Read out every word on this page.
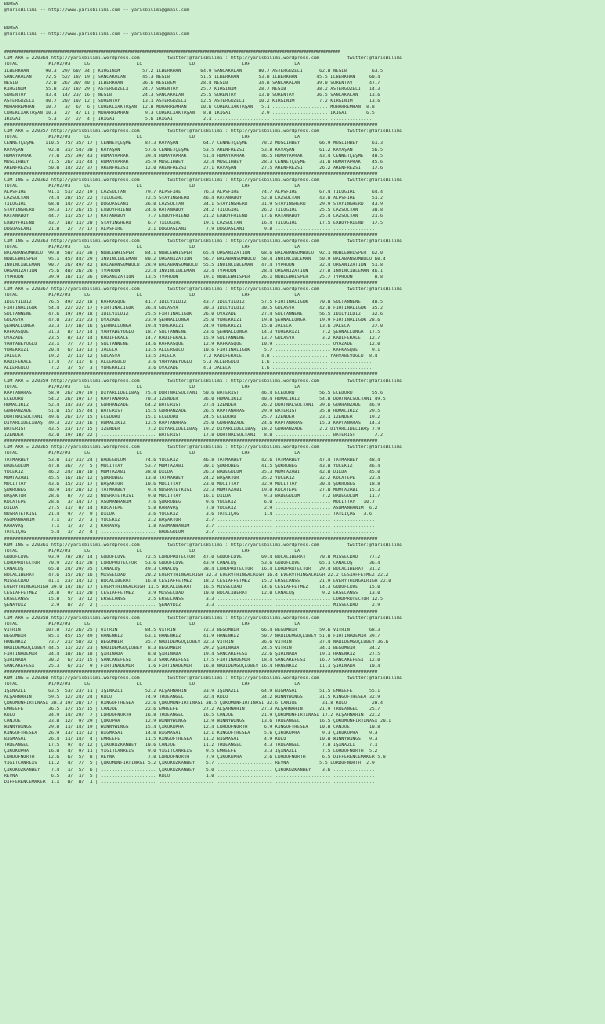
BURSA
@YarisBilimi -- http://www.yarisbilimi.com -- yarisbilimi@gmail.com
BURSA
@YarisBilimi -- http://www.yarisbilimi.com -- yarisbilimi@gmail.com
###########################################################################################################################################
CIM ARA = 220364 http://yarisbilimi.wordpress.com          twitter:@YarisBilimi : http://yarisbilimi.wordpress.com          twitter:@YarisBilimi
TOTAL           #1/#2/#3     LG                 LC                 LD                 LRF                LA
İLBERKHAN      90.3  29/ 60/ 34 | KIRGINIM        57.2 İLBERKHAN       64.9 SANCAKALAN      80.7 ASTERGÜZELİ      62.8 NESİB         63.5
SANCAKALAN     72.5  52/ 18/ 19 | SANCAKALAN      45.3 NESİB           51.5 İLBERKHAN       53.8 İLBERKHAN       45.5 İLBERKHAN     60.4
NESİB          72.0  26/ 30/ 40 | İLBERKHAN       36.6 NESİBEM         28.4 NESİB           34.8 SANCAKALAN      39.0 SURENTAY      47.7
KIRGINIM       55.8  23/ 18/ 29 | ASTERGÜZELİ     24.7 SURENTAY        25.7 KIRGINIM        28.7 NESİB           38.2 ASTERGÜZELİ   14.3
SURENTAY       43.4  14/ 23/ 16 | NESİB           24.3 SANCAKALAN      25.5 SURENTAY        13.0 SURENTAY        36.5 SANCAKALAN    13.6
ASTERGÜZELİ    40.7  20/ 10/ 12 | SURENTAY        13.1 ASTERGÜZELİ     12.5 ASTERGÜZELİ     10.2 KIRGINIM         7.2 KIRGINIM      13.6
MUHARREMHAN    10.7   3/  6/  6 | CÜREKLİAKTAŞAN  12.8 MUHARREMHAN     10.6 CÜREKLİAKTAŞAN   5.1 .................... MUHARREMHAN  8.8
CÜREKLİAKTAŞAN 10.3   2/  4/ 11 | MUHARREMHAN      9.3 CÜREKLİAKTAŞAN   8.0 IKIGAI           2.9 .................... IKIGAI       6.5
IKIGAI          5.3   2/  2/  4 | IKIGAI           5.6 IKIGAI           2.1 .................... .................... ...............
#######################################################################################################################################
CIM ARA = 220357 http://yarisbilimi.wordpress.com          twitter:@YarisBilimi : http://yarisbilimi.wordpress.com          twitter:@YarisBilimi
TOTAL           #1/#2/#3     LG                 LC                 LD                 LRF                LA
CENNETÇEŞME    110.5  75/ 35/ 17 | CENNETÇEŞME     87.3 KAYAŞAN         64.7 CENNETÇEŞME     78.2 MUSLİHBEY       66.9 MUSLİHBEY     61.3
KAYAŞAN         92.0  31/ 54/ 30 | KAYAŞAN         57.6 CENNETÇEŞME     53.5 AKENFREZSİ      53.8 KAYAŞAN         61.2 KAYAŞAN       56.5
HÜMAYAPRAK      77.0  25/ 39/ 43 | HÜMAYAPRAK      39.4 HÜMAYAPRAK      51.4 HÜMAYAPRAK      46.5 HÜMAYAPRAK      43.4 CENNETÇEŞME   48.5
MUSLİHBEY       71.5  26/ 21/ 44 | HÜMAYAPRAK      35.9 MUSLİHBEY       32.4 MUSLİHBEY       28.3 CENNETÇEŞME     31.0 HÜMAYAPRAK    45.6
AKENFREZSİ      50.0  14/ 22/ 37 | AKENFREZSİ      12.0 AKENFREZSİ      27.1 KAYAŞAN         27.5 AKENFREZSİ      26.2 AKENFREZSİ    17.6
#######################################################################################################################################
CIM ING = 220362 http://yarisbilimi.wordpress.com          twitter:@YarisBilimi : http://yarisbilimi.wordpress.com          twitter:@YarisBilimi
TOTAL           #1/#2/#3     LG                 LC                 LD                 LRF                LA
ALPSFIRE        91.1  51/ 22/ 19 | LAZSULTAN       79.7 ALPSFIRE        76.3 ALPSFIRE        74.7 ALPSFIRE        67.4 TILOGIRL      64.4
LAZSULTAN       74.4  28/ 15/ 22 | TILOGIRL        72.5 STAYINGHERO     46.4 KATANABOY       52.8 LAZSULTAN       43.0 ALPSFIRE      51.2
TILOGIRL        68.0  14/ 27/ 27 | DOĞUASLANI      36.0 LAZSULTAN       34.1 STAYINGHERO     31.9 STAYINGHERO     29.9 STAYINGHERO   43.9
STAYINGHERO     59.3  17/ 26/ 15 | EXBOYFRIEND     24.6 KATANABOY       24.2 TILOGIRL        26.2 TILOGIRL        25.5 LAZSULTAN     30.8
KATANABOY       44.7  11/ 25/ 17 | KATANABOY        7.7 EXBOYFRIEND     21.2 EXBOYFRIEND     17.6 KATANABOY       25.4 LAZSULTAN     21.6
EXBOYFRIEND     43.7  10/ 11/ 20 | STAYINGHERO      6.7 TILOGIRL        19.1 LAZSULTAN       16.4 TILOGIRL        17.5 EXBOYFRIEND   17.5
DOĞUASLANI      21.8   2/  7/ 17 | ALPSFIRE         2.1 DOĞUASLANI       7.9 DOĞUASLANI       9.8 .................... ...............
#######################################################################################################################################
CIM ING = 220363 http://yarisbilimi.wordpress.com          twitter:@YarisBilimi : http://yarisbilimi.wordpress.com          twitter:@YarisBilimi
TOTAL           #1/#2/#3     LG                 LC                 LD                 LRF                LA
BALABANSÜMBÜLÜ  99.8  50/ 31/ 38 | NOBLEWHISPER    84.1 NOBLEWHISPER    65.4 ORGANIZATION    68.6 BALABANSÜMBÜLÜ  92.1 NOBLEWHISPER  62.0
NOBLEWHISPER    95.1  45/ 44/ 29 | İNVINCIBLEMAN   80.2 ORGANIZATION    56.7 BALABANSÜMBÜLÜ  58.4 İNVINCIBLEMAN   50.9 BALABANSÜMBÜLÜ 60.4
İNVINCIBLEMAN   90.7  26/ 49/ 42 | BALABANSÜMBÜLÜ  28.9 BALABANSÜMBÜLÜ  55.5 İNVINCIBLEMAN   47.4 TYPHOON         32.4 ORGANIZATION  51.8
ORGANIZATION    75.6  40/ 26/ 26 | TYPHOON         22.4 İNVINCIBLEMAN   32.4 TYPHOON         28.4 ORGANIZATION    27.8 İNVINCIBLEMAN 46.1
TYPHOON         39.9  10/ 11/ 36 | ORGANIZATION    13.5 TYPHOON         19.1 NOBLEWHISPER    26.1 NOBLEWHISPER    25.7 TYPHOON        8.8
#######################################################################################################################################
CIM ARA = 220367 http://yarisbilimi.wordpress.com          twitter:@YarisBilimi : http://yarisbilimi.wordpress.com          twitter:@YarisBilimi
TOTAL           #1/#2/#3     LG                 LC                 LD                 LRF                LA
İDILYILDIZ      76.5  49/ 22/ 18 | KAFKASQUE       41.7 İDILYILDIZ      43.7 İDILYILDIZ      57.5 FIRTINALIGÖK    70.0 SULTANNENE    48.5
FIRTINALIGÖK    54.4  22/ 22/ 17 | FIRTINALIGÖK    36.4 GÜLASYA         30.3 İDILYILDIZ      30.5 GÜLASYA         42.0 FIRTINALIGÖK  35.2
SULTANNENE      47.6  19/ 19/ 18 | İDILYILDIZ      25.5 FIRTINALIGÖK    26.0 OYAZADE         27.4 SULTANNENE      56.5 İDILYILDIZ    32.6
GÜLASYA         47.0  23/ 21/ 23 | OYAZADE         23.9 ŞEHNALLONGA     25.0 YÜREKRIZI       19.8 ŞEHNALLONGA     19.9 FIRTINALIGÖK 28.6
ŞEHNALLONGA     33.3  17/ 10/ 16 | ŞEHNALLONGA     19.4 YÜREKRIZI       24.9 YÜREKRIZI       15.0 JALELA          13.6 JALELA        27.0
KAFKASQUE       31.3   8/ 17/ 14 | YAHYABEYOĞLU    18.7 SULTANNENE      23.6 ŞEHNALLONGA     14.3 YÜREKRIZI        7.2 ŞEHNALLONGA  17.5
OYAZADE         23.5   8/ 13/ 14 | KADIFEKALE      14.7 KADIFEKALE      15.9 SULTANNENE      13.7 GÜLASYA          3.2 KADIFEKALE   12.7
YAHYABEYOĞLU    23.1   7/  7/ 17 | SULTANNENE      14.6 KAFKASQUE       12.9 KAFKASQUE       10.9 .................... OYAZADE      12.0
YÜREKRIZI       20.4   6/ 13/ 13 | JALELA          13.5 ALLERGÜLÜ       10.6 FIRTINALIGÖK     5.7 .................... KAFKASQUE     9.1
JALELA          19.2   2/ 11/ 12 | GÜLASYA         13.5 JALELA          7.2 KADIFEKALE       4.8 .................... YAHYABEYOĞLU  8.4
KADIFEKALE      17.4   7/ 11/  6 | ALLERGÜLÜ        3.6 YAHYABEYOĞLU    5.3 ALLERGÜLÜ        1.6 .................... ...............
ALLERGÜLÜ        7.2   3/  5/  3 | YÜREKRIZI        3.6 OYAZADE         4.3 JALELA           1.6 .................... ...............
#######################################################################################################################################
CIM ARA = 220359 http://yarisbilimi.wordpress.com          twitter:@YarisBilimi : http://yarisbilimi.wordpress.com          twitter:@YarisBilimi
TOTAL           #1/#2/#3     LG                 LC                 LD                 LRF                LA
KAPTANARAS      58.9  26/ 29/ 19 | DİYARLIDELİBAŞ  75.4 DÖRTNALSULTANI  50.6 BATERİST        46.4 ECEDURU         56.5 ECEDURU       55.6
ECEDURU         54.2  26/ 19/ 17 | KAPTANARAS      70.3 İZENDER         36.0 HÜMALİKIZ       40.4 HÜMALİKIZ       54.8 DÖRTNALSULTANI 49.5
HÜMALİKIZ       52.4  14/ 33/ 23 | GÜRHANZADE      64.2 BATERİST        27.4 İZENDER         26.2 DÖRTNALSULTANI  39.6 GÜRHANZADE   46.9
GÜRHANZADE      51.0  15/ 15/ 44 | BATERİST        15.5 GÜRHANZADE      26.5 KAPTANARAS      29.9 BATERİST        35.8 HÜMALİKIZ    29.5
DÖRTNALSULTANI  49.6  26/ 17/ 15 | ECEDURU         15.1 ECEDURU         24.5 ECEDURU         25.7 İZENDER         23.1 İZENDER      19.2
DİYARLIDELİBAŞ  49.3  22/ 23/ 16 | HÜMALİKIZ       12.5 KAPTANARAS      25.0 GÜRHANZADE      24.6 KAPTANARAS      15.3 KAPTANARAS   14.3
BATERİST        43.5  23/ 17/ 15 | İZENDER          7.2 DİYARLIDELİBAŞ  19.2 DİYARLIDELİBAŞ  18.2 GÜRHANZADE      2.2 DİYARLIDELİBAŞ 7.9
İZENDER         42.0  19/ 18/ 22 | .................... BATERİST        17.8 DÖRTNALSULTANI   8.0 .................... BATERİST       7.2
#######################################################################################################################################
CIM ARA = 220365 http://yarisbilimi.wordpress.com          twitter:@YarisBilimi : http://yarisbilimi.wordpress.com          twitter:@YarisBilimi
TOTAL           #1/#2/#3     LG                 LC                 LD                 LRF                LA
TATMARBEY       53.0  11/ 31/ 24 | BADEGÜLÜM       74.6 YÜCEKIZ         46.8 TATMARBEY       42.6 TATMARBEY       47.4 TATMARBEY    48.4
BADEGÜLÜM       47.8  36/  7/  5 | MUCİTTAY        53.7 MÜMTAZABİ       30.1 ŞÜKRÜBEG        41.5 ŞÜKRÜBEG        43.0 YÜCEKIZ      46.4
YÜCEKIZ         46.2  24/ 10/ 10 | MÜMTAZABİ       38.0 DILDA           26.3 BADEGÜLÜM       35.3 MÜMTAZABİ       42.0 DILDA        45.0
MÜMTAZABİ       45.5  16/ 16/ 12 | ŞÜKRÜBEG        13.0 TATMARBEY       24.2 BAŞAKTÖR        35.2 YÜCEKIZ         32.2 KOCATEPE     22.4
MUCİTTAY        43.6  15/ 21/ 17 | BAŞAKTÖR        10.6 MUCİTTAY        23.0 MUCİTTAY        32.9 MUCİTTAY        30.4 ŞÜKRÜBEG     18.8
ŞÜKRÜBEG        40.9  14/ 20/ 12 | TATMARBEY        9.4 NUSRATETKİSI    22.3 MÜMTAZABİ       19.0 KOCATEPE        27.0 MÜMTAZABİ    15.3
BAŞAKTÖR        28.6   8/  7/ 22 | NUSRATETKİSI     9.0 MUCİTTAY        16.1 DILDA            9.3 BADEGÜLÜM        7.2 BADEGÜLÜM    11.7
KOCATEPE        28.6   3/ 14/ 17 | ASUMANHANIM      7.6 ŞÜKRÜBEG         9.6 YÜCEKIZ          6.0 .................... MUCİTTAY   10.7
DILDA           27.5  11/  8/ 14 | KOCATEPE         5.8 KARAVAŞ          7.8 YÜCEKIZ          2.9 .................... ASUMANHANIM  6.2
NUSRATETKİSI    21.4   9/  7/  9 | DILDA            3.6 YÜCEKIZ          3.6 TATLIÇAĞ         1.4 .................... TATLIÇAĞ   3.6
ASUMANHANIM      7.1   3/  2/  3 | YÜCEKIZ          2.2 BAŞAKTÖR         2.7 .................... .................... ...............
KARAVAŞ          7.1   1/  3/  2 | KARAVAŞ          1.8 ASUMANHANIM      2.7 .................... .................... ...............
TATLIÇAĞ         5.4   1/  2/  4 | .................... BADEGÜLÜM        2.7 .................... .................... ...............
#######################################################################################################################################
KUM ING = 220361 http://yarisbilimi.wordpress.com          twitter:@YarisBilimi : http://yarisbilimi.wordpress.com          twitter:@YarisBilimi
TOTAL           #1/#2/#3     LG                 LC                 LD                 LRF                LA
GODOFLOVE       93.9  78/ 28/ 14 | GODOFLOVE       72.5 LORDPROTECTOR   47.0 GODOFLOVE       69.4 BOCALİBERAT     70.8 MISSECDAD    77.2
LORDPROTECTOR   70.9  22/ 41/ 28 | LORDPROTECTOR   53.6 GODOFLOVE       43.9 CANALUŞ         53.6 GODOFLOVE       65.1 CANALUŞ      36.4
CANALUŞ         65.0  24/ 29/ 35 | CANALUŞ         49.3 CANALUŞ         38.4 LORDPROTECTOR   16.4 LORDPROTECTOR   29.4 BOCALİBERAT  31.2
BOCALİBERAT     47.6  15/ 26/ 16 | MISSECDAD       20.2 EVERYTHINGALRIGH 32.3 EVERYTHINGALRIGH 16.4 EVERYTHINGALRIGH 22.2 CESİAFFETMEZ 22.2
MISSECDAD       41.1  23/ 14/ 12 | BOCALİBERAT     16.8 CESİAFFETMEZ    18.2 CESİAFFETMEZ    15.2 EKSELANSS       21.9 EVERYTHINGALRIGH 22.0
EVERYTHINGALRIGH 39.0 14/ 16/ 17 | EVERYTHINGALRIGH 11.5 BOCALİBERAT    16.5 MISSECDAD       14.6 CESİAFFETMEZ    14.3 GODOFLOVE    15.0
CESİAFFETMEZ    24.8   9/ 11/ 20 | CESİAFFETMEZ     3.9 MISSECDAD       10.0 BOCALİBERAT     12.0 CANALUŞ          9.2 EKSELANSS    13.0
EKSELANSS       15.8   5/  3/ 12 | EKSELANSS        2.5 EKSELANSS        3.3 .................... .................... LORDPROTECTOR 12.5
ŞENAYDİZ         2.9   0/  2/  2 | .................... ŞENAYDİZ         3.3 .................... .................... MISSECDAD     2.9
#######################################################################################################################################
CIM ARA = 220358 http://yarisbilimi.wordpress.com          twitter:@YarisBilimi : http://yarisbilimi.wordpress.com          twitter:@YarisBilimi
TOTAL           #1/#2/#3     LG                 LC                 LD                 LRF                LA
VİTRİN         107.8  72/ 26/ 25 | VİTRİN          84.5 VİTRİN          72.3 BEGÜMBİR        66.4 BEGÜMBİR        59.6 VİTRİN       68.3
BEGÜMBİR        85.1  45/ 15/ 49 | HANENKIZ        63.1 HANENKIZ        41.9 HANENKIZ        50.7 NADIDEMGÜÇLÜBEY 51.0 FIRTINADEMİR 39.7
HANENKIZ        73.7  21/ 50/ 32 | BEGÜMBİR        35.7 NADIDEMGÜÇLÜBEY 32.3 VİTRİN          36.6 VİTRİN          37.4 NADIDEMGÜÇLÜBEY 36.6
NADIDEMGÜÇLÜBEY 44.5  11/ 22/ 23 | NADIDEMGÜÇLÜBEY  8.3 BEGÜMBİR        29.2 ŞİRİNADA        24.5 VİTRİN          34.1 BEGÜMBİR     34.2
FIRTINADEMİR    34.4  10/ 16/ 18 | ŞİRİNADA         8.0 ŞİRİNADA        19.4 SANCAKEFESİ     22.6 ŞİRİNADA        19.1 HANENKIZ     27.5
ŞİRİNADA        30.2   6/ 21/ 15 | SANCAKEFESİ      0.3 SANCAKEFESİ     17.5 FIRTINADEMİR    18.4 SANCAKEFESİ     16.7 SANCAKEFESİ  12.0
SANCAKEFESİ     25.3   6/ 21/  9 | FIRTINADEMİR     1.6 FIRTINADEMİR    16.8 NADIDEMGÜÇLÜBEY 16.4 HANENKIZ        11.1 ŞİRİNADA     10.4
#######################################################################################################################################
KUM ING = 220360 http://yarisbilimi.wordpress.com          twitter:@YarisBilimi : http://yarisbilimi.wordpress.com          twitter:@YarisBilimi
TOTAL           #1/#2/#3     LG                 LC                 LD                 LRF                LA
İŞİNAZLI        63.5  53/ 23/ 11 | İŞİNAZLI        52.2 ALŞAHNAHİN      33.9 İŞİNAZLI        64.9 BIGMASAI        51.5 EMREEFE      55.1
ALŞAHNAHİN      59.5  12/ 24/ 24 | KOLO            74.9 TRUEANGEL       32.4 KOLO            34.2 WINNYWINGS      31.5 KINGOFTHESEA 32.9
ÇOKÜMÜNFIRTINASI 38.3 19/ 20/ 17 | KINGOFTHESEA    22.6 ÇOKÜMÜNFIRTINASI 30.5 ÇOKÜMÜNFIRTINASI 32.6 CANJOE         31.8 KOLO         28.4
EMREEFE         36.5  17/ 15/ 15 | CANJOE          22.6 EMREEFE         27.2 ALŞAHNAHİN      27.3 ALŞAHNAHİN      21.9 TRUEANGEL    25.7
KOLO            34.9  14/ 29/  7 | LORDOFNORTH     16.8 TRUEANGEL       16.5 CANJOE          21.9 ÇOKÜMÜNFIRTINASI 17.2 ALŞAHNAHİN  22.2
CANJOE          33.0  12/  9/ 29 | ÇOKUPHA         12.9 WINNYWINGS      12.9 WINNYWINGS      13.6 TRUEANGEL       16.5 ÇOKÜMÜNFIRTINASI 20.1
WINNYWINGS      29.8  11/ 14/ 19 | WINNYWINGS      15.4 ÇIKOKUPHA       12.4 LORDOFNORTH      6.9 KINGOFTHESEA    10.8 CANJOE       10.8
KINGOFTHESEA    26.9  13/ 11/ 12 | BIGMASAI        14.0 BIGMASAI        12.1 KINGOFTHESEA     5.6 ÇIKOKUPHA        9.3 ÇIKOKUPHA    9.3
BIGMASAI        26.4  11/ 14/  4 | EMREEFE         11.5 KINGOFTHESEA    11.2 BIGMASAI         4.9 KOLO            10.0 WINNYWINGS   9.3
TRUEANGEL       17.5   9/  4/ 12 | ÇIKOKÜZKANBEY   10.6 CANJOE          11.2 TRUEANGEL        4.3 TRUEANGEL        7.8 İŞİNAZLI     7.1
ÇIKOKUPHA       16.0   4/  9/ 11 | YİĞİTCANREİS     9.0 YİĞİTCANREİS     9.5 EMREEFE          3.3 İŞİNAZLI         7.5 LORDOFNORTH  5.2
LORDOFNORTH     12.6   6/  5/  8 | REYNA            7.0 LORDOFNORTH      7.9 ÇIKOKUPHA        2.6 LORDOFNORTH      6.5 DIFFERENCEMAKER 5.0
YİĞİTCANREİS    11.2   4/  7/  5 | ÇOKÜMÜNFIRTINASI 5.2 ÇIKOKÜZKANBEY    5.7 .................... REYNA           5.5 LORDOFNORTH  2.9
ÇIKOKÜZKANBEY    7.4   1/  5/  6 | .................... ÇIKOKÜZKANBEY    5.0 .................... ÇIKOKÜZKANBEY    3.6 ...............
REYNA            6.5   3/  1/  5 | .................... KOLO             1.0 .................... .................... ...............
DIFFERENCEMAKER  1.1   0/  0/  1 | .................... .................... .................... .................... ...............
